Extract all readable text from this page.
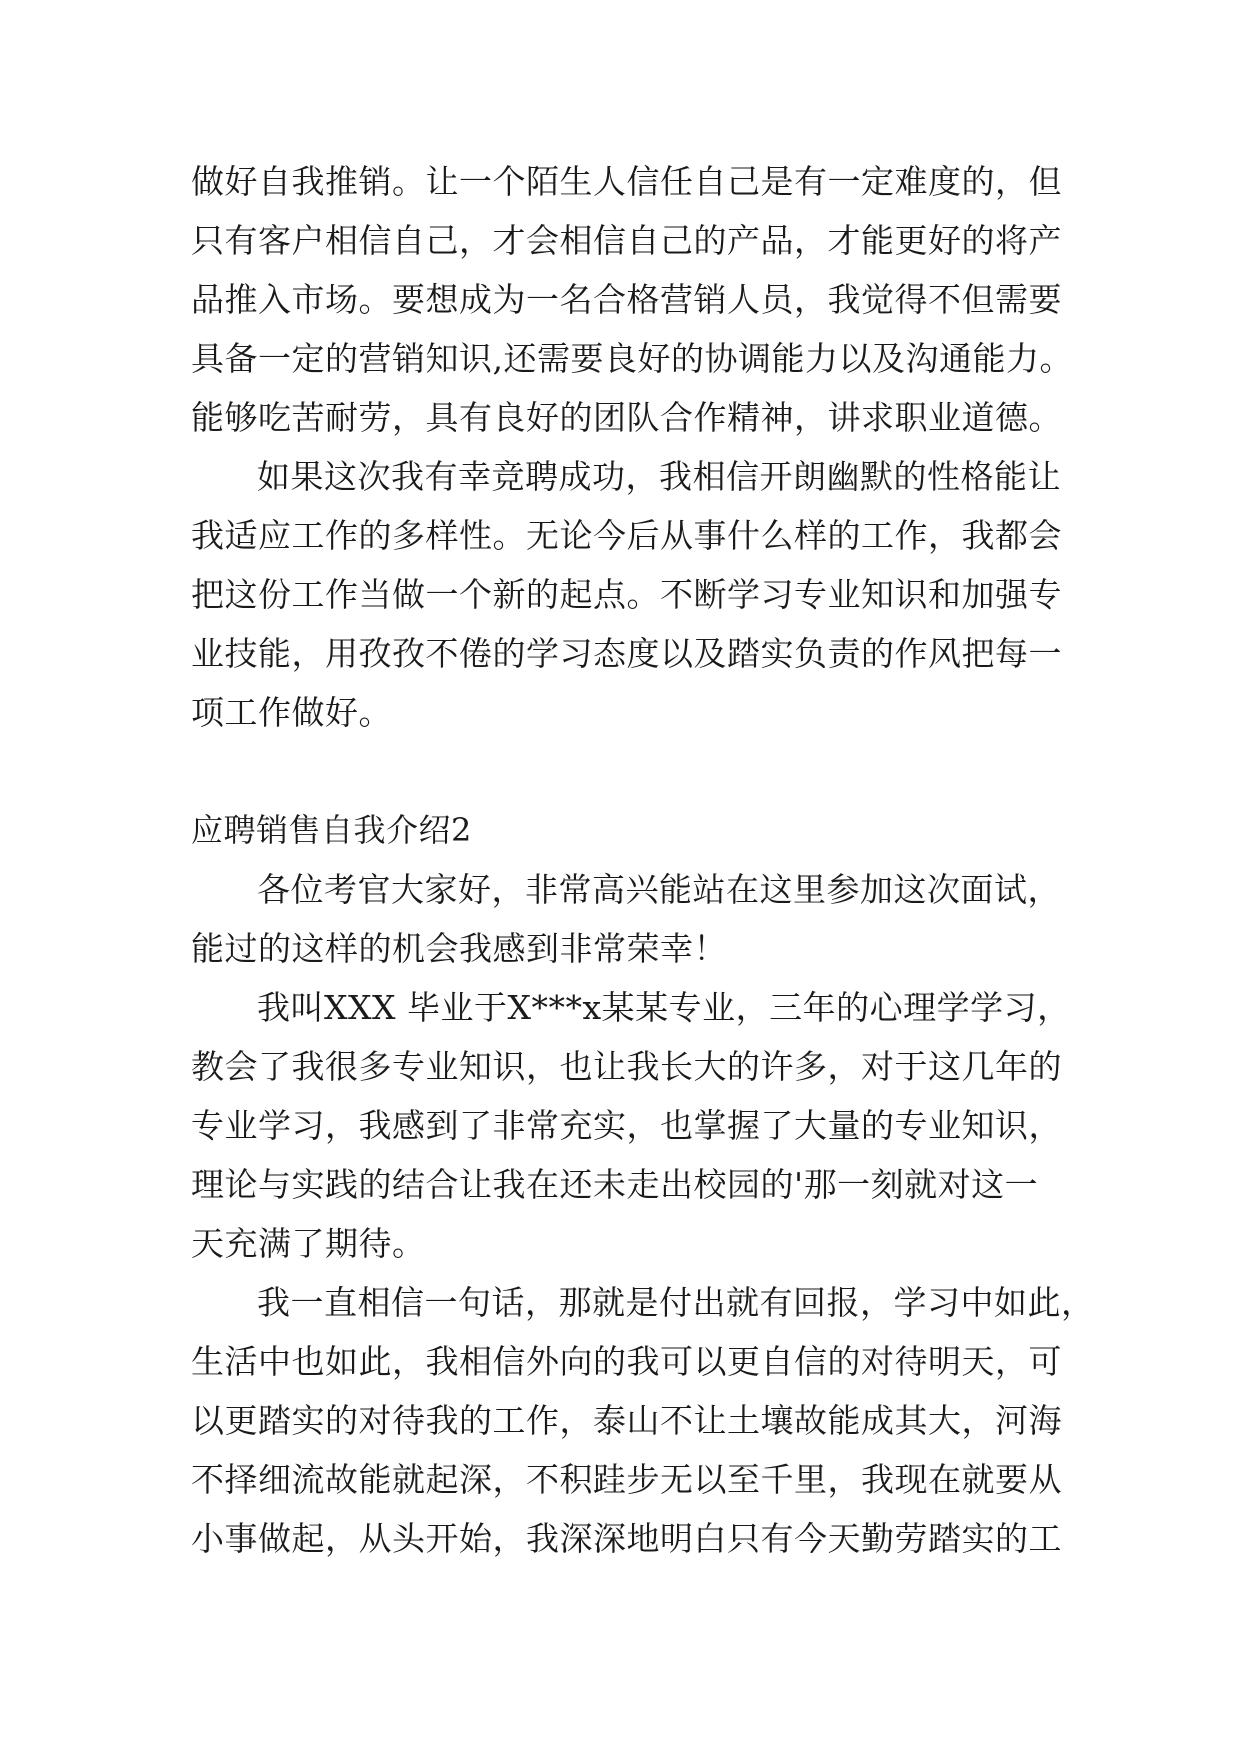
做好自我推销。让一个陌生人信任自己是有一定难度的，但
只有客户相信自己，才会相信自己的产品，才能更好的将产
品推入市场。要想成为一名合格营销人员，我觉得不但需要
具备一定的营销知识,还需要良好的协调能力以及沟通能力。
能够吃苦耐劳，具有良好的团队合作精神，讲求职业道德。
如果这次我有幸竞聘成功，我相信开朗幽默的性格能让
我适应工作的多样性。无论今后从事什么样的工作，我都会
把这份工作当做一个新的起点。不断学习专业知识和加强专
业技能，用孜孜不倦的学习态度以及踏实负责的作风把每一
项工作做好。
应聘销售自我介绍2
各位考官大家好，非常高兴能站在这里参加这次面试，
能过的这样的机会我感到非常荣幸！
我叫XXX 毕业于X***x某某专业，三年的心理学学习，
教会了我很多专业知识，也让我长大的许多，对于这几年的
专业学习，我感到了非常充实，也掌握了大量的专业知识，
理论与实践的结合让我在还未走出校园的'那一刻就对这一
天充满了期待。
我一直相信一句话，那就是付出就有回报，学习中如此，
生活中也如此，我相信外向的我可以更自信的对待明天，可
以更踏实的对待我的工作，泰山不让土壤故能成其大，河海
不择细流故能就起深，不积跬步无以至千里，我现在就要从
小事做起，从头开始，我深深地明白只有今天勤劳踏实的工
